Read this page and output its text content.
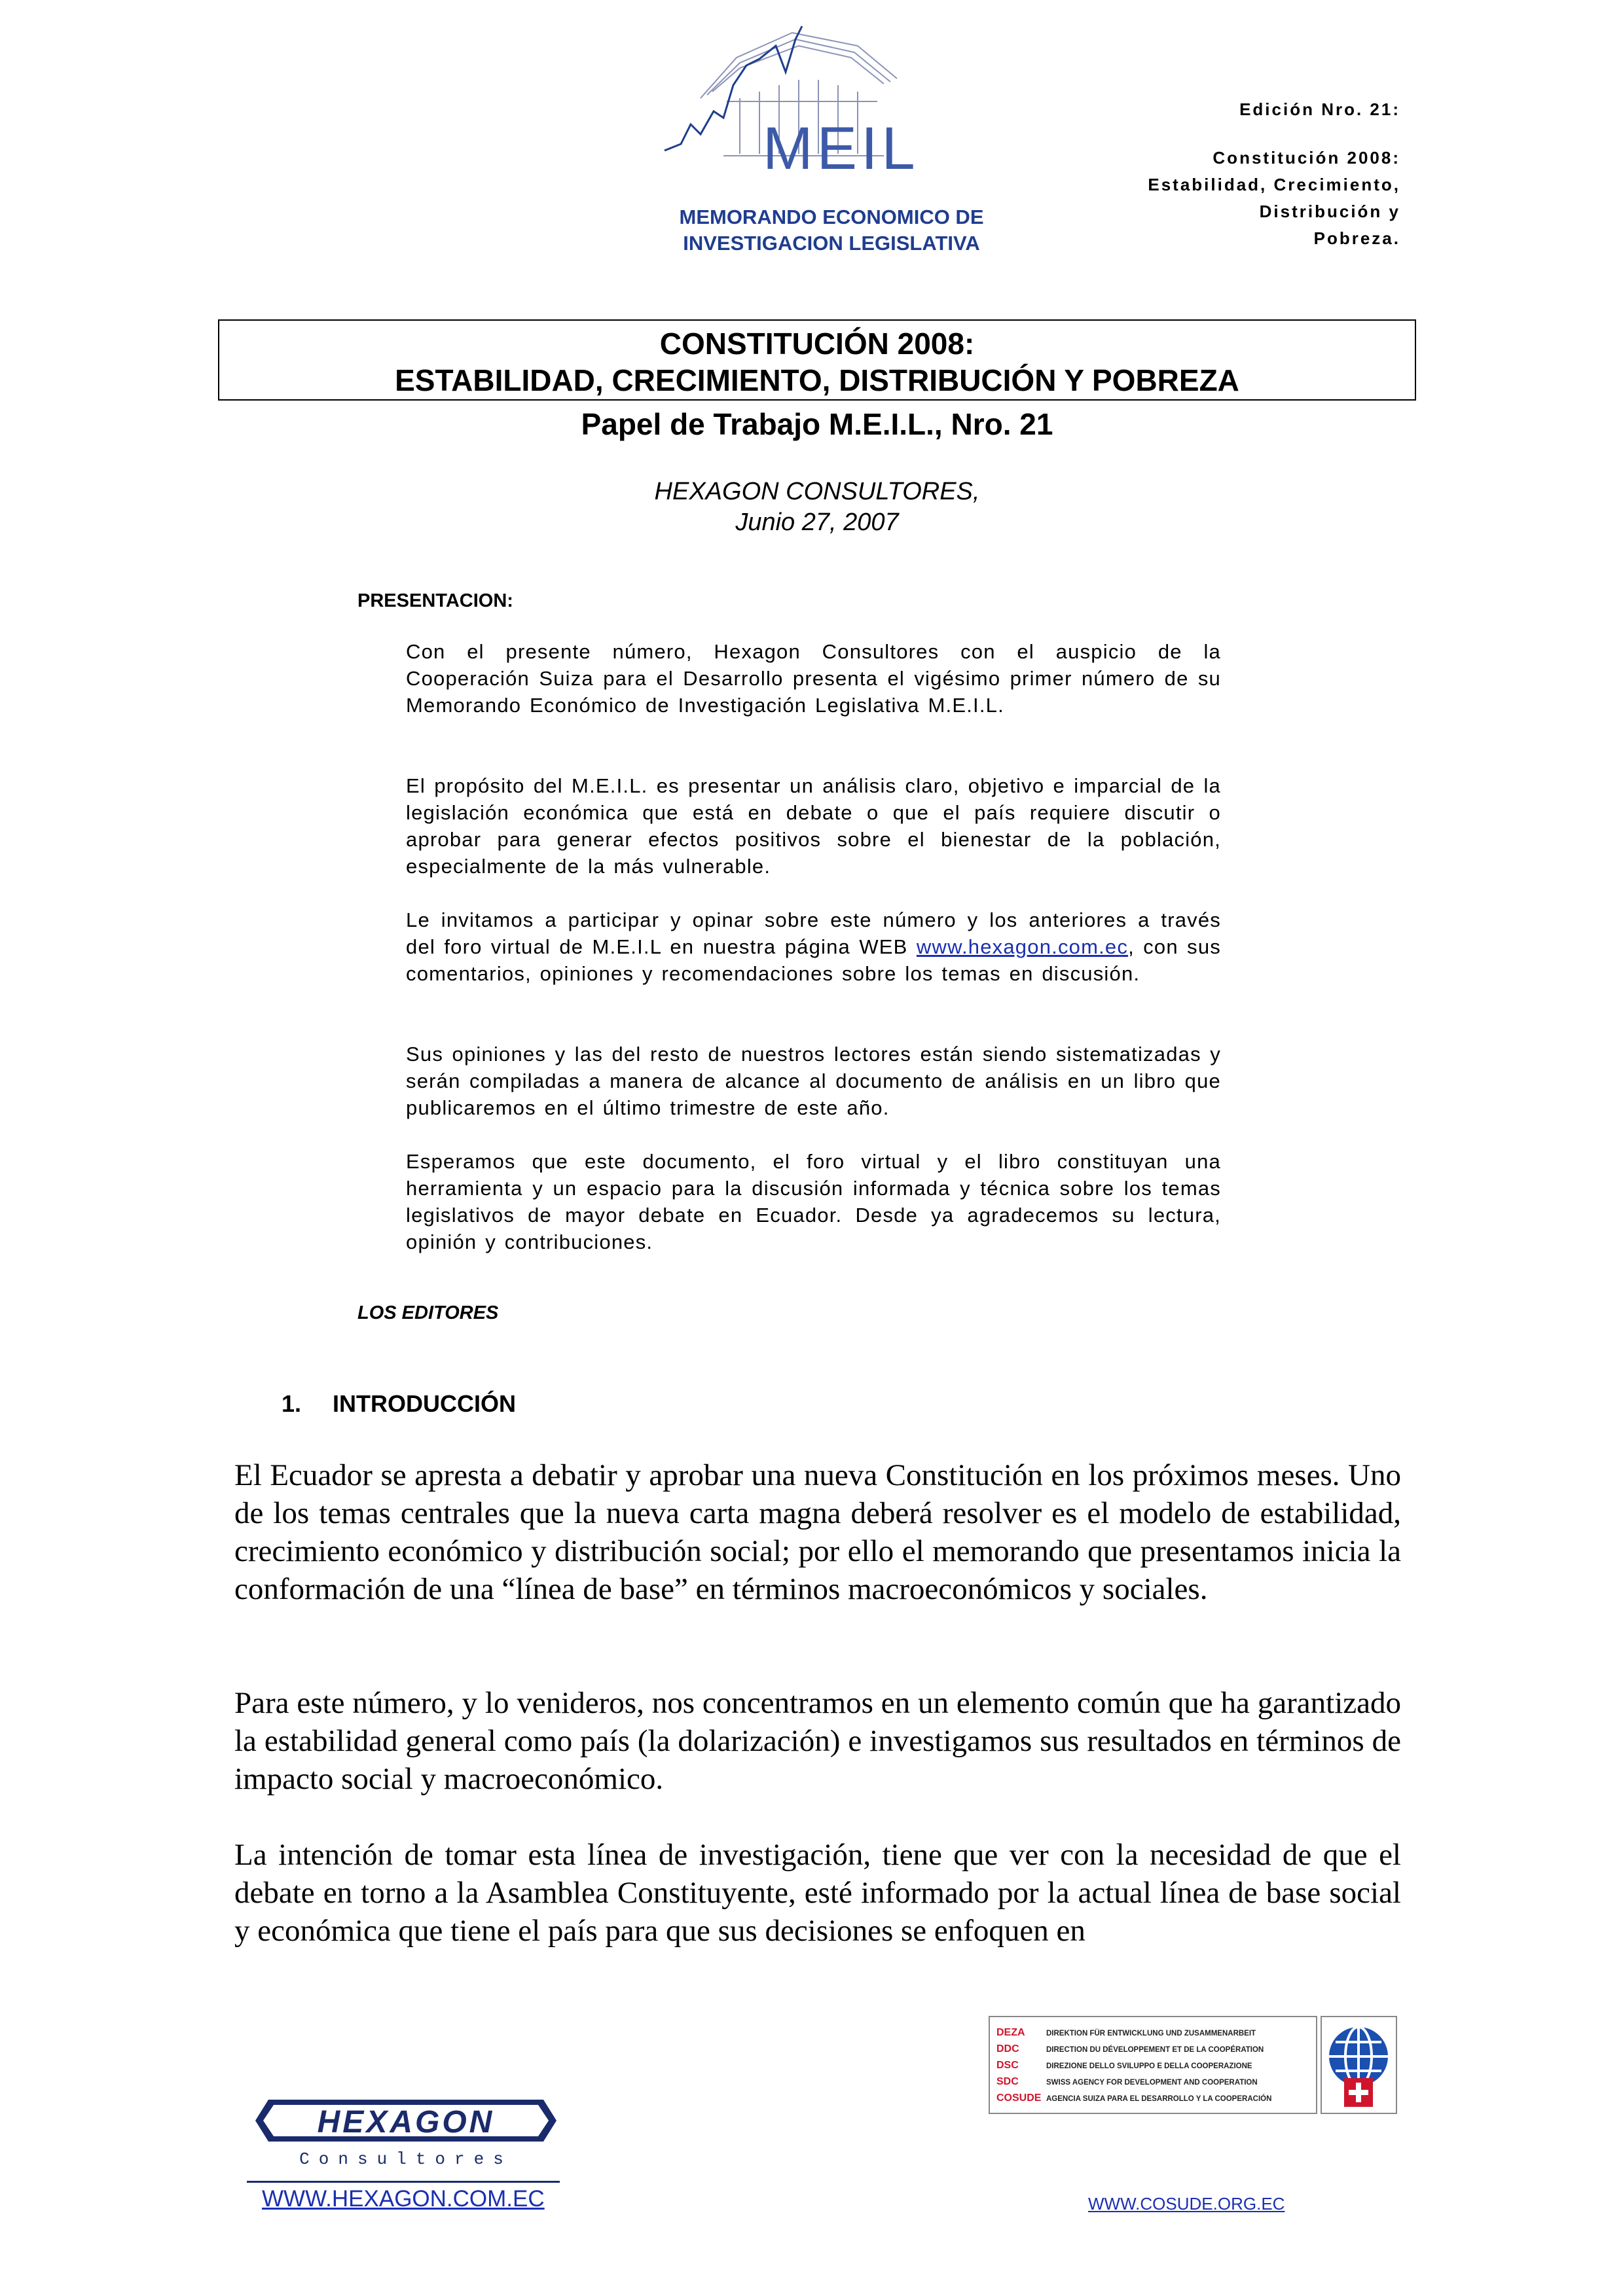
MEIL
MEMORANDO ECONOMICO DE
INVESTIGACION LEGISLATIVA
Edición Nro. 21:
Constitución 2008:
Estabilidad, Crecimiento,
Distribución y
Pobreza.
CONSTITUCIÓN 2008:
ESTABILIDAD, CRECIMIENTO, DISTRIBUCIÓN Y POBREZA
Papel de Trabajo M.E.I.L., Nro. 21
HEXAGON CONSULTORES,
Junio 27, 2007
PRESENTACION:
Con el presente número, Hexagon Consultores con el auspicio de la Cooperación Suiza para el Desarrollo presenta el vigésimo primer número de su Memorando Económico de Investigación Legislativa M.E.I.L.
El propósito del M.E.I.L. es presentar un análisis claro, objetivo e imparcial de la legislación económica que está en debate o que el país requiere discutir o aprobar para generar efectos positivos sobre el bienestar de la población, especialmente de la más vulnerable.
Le invitamos a participar y opinar sobre este número y los anteriores a través del foro virtual de M.E.I.L en nuestra página WEB www.hexagon.com.ec, con sus comentarios, opiniones y recomendaciones sobre los temas en discusión.
Sus opiniones y las del resto de nuestros lectores están siendo sistematizadas y serán compiladas a manera de alcance al documento de análisis en un libro que publicaremos en el último trimestre de este año.
Esperamos que este documento, el foro virtual y el libro constituyan una herramienta y un espacio para la discusión informada y técnica sobre los temas legislativos de mayor debate en Ecuador. Desde ya agradecemos su lectura, opinión y contribuciones.
LOS EDITORES
1. INTRODUCCIÓN
El Ecuador se apresta a debatir y aprobar una nueva Constitución en los próximos meses. Uno de los temas centrales que la nueva carta magna deberá resolver es el modelo de estabilidad, crecimiento económico y distribución social; por ello el memorando que presentamos inicia la conformación de una “línea de base” en términos macroeconómicos y sociales.
Para este número, y lo venideros, nos concentramos en un elemento común que ha garantizado la estabilidad general como país (la dolarización) e investigamos sus resultados en términos de impacto social y macroeconómico.
La intención de tomar esta línea de investigación, tiene que ver con la necesidad de que el debate en torno a la Asamblea Constituyente, esté informado por la actual línea de base social y económica que tiene el país para que sus decisiones se enfoquen en
DEZA
DDC
DSC
SDC
COSUDE
DIREKTION FÜR ENTWICKLUNG UND ZUSAMMENARBEIT
DIRECTION DU DÉVELOPPEMENT ET DE LA COOPÉRATION
DIREZIONE DELLO SVILUPPO E DELLA COOPERAZIONE
SWISS AGENCY FOR DEVELOPMENT AND COOPERATION
AGENCIA SUIZA PARA EL DESARROLLO Y LA COOPERACIÓN
HEXAGON
Consultores
WWW.HEXAGON.COM.EC	WWW.COSUDE.ORG.EC
